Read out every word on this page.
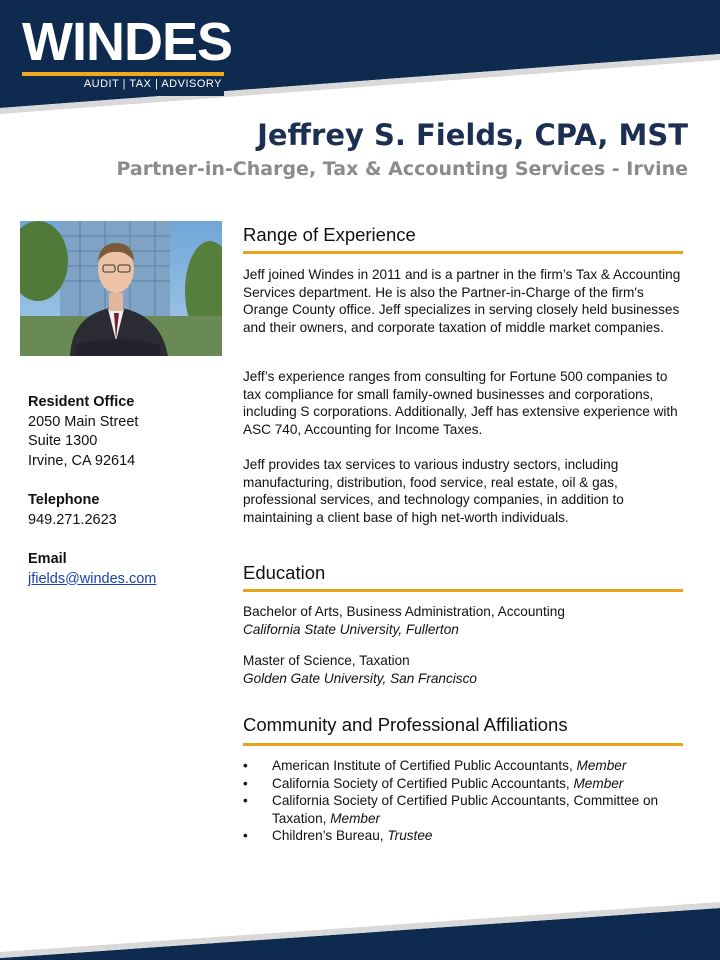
WINDES
AUDIT | TAX | ADVISORY
Jeffrey S. Fields, CPA, MST
Partner-in-Charge, Tax & Accounting Services - Irvine
Resident Office
2050 Main Street
Suite 1300
Irvine, CA 92614
Telephone
949.271.2623
Email
jfields@windes.com
Range of Experience

Jeff joined Windes in 2011 and is a partner in the firm’s Tax & Accounting Services department. He is also the Partner-in-Charge of the firm's Orange County office. Jeff specializes in serving closely held businesses and their owners, and corporate taxation of middle market companies.

Jeff’s experience ranges from consulting for Fortune 500 companies to tax compliance for small family-owned businesses and corporations, including S corporations. Additionally, Jeff has extensive experience with ASC 740, Accounting for Income Taxes.

Jeff provides tax services to various industry sectors, including manufacturing, distribution, food service, real estate, oil & gas, professional services, and technology companies, in addition to maintaining a client base of high net-worth individuals.

Education
Bachelor of Arts, Business Administration, Accounting
California State University, Fullerton
Master of Science, Taxation
Golden Gate University, San Francisco
Community and Professional Affiliations
•	American Institute of Certified Public Accountants, Member
•	California Society of Certified Public Accountants, Member
•	California Society of Certified Public Accountants, Committee on Taxation, Member
•	Children’s Bureau, Trustee
